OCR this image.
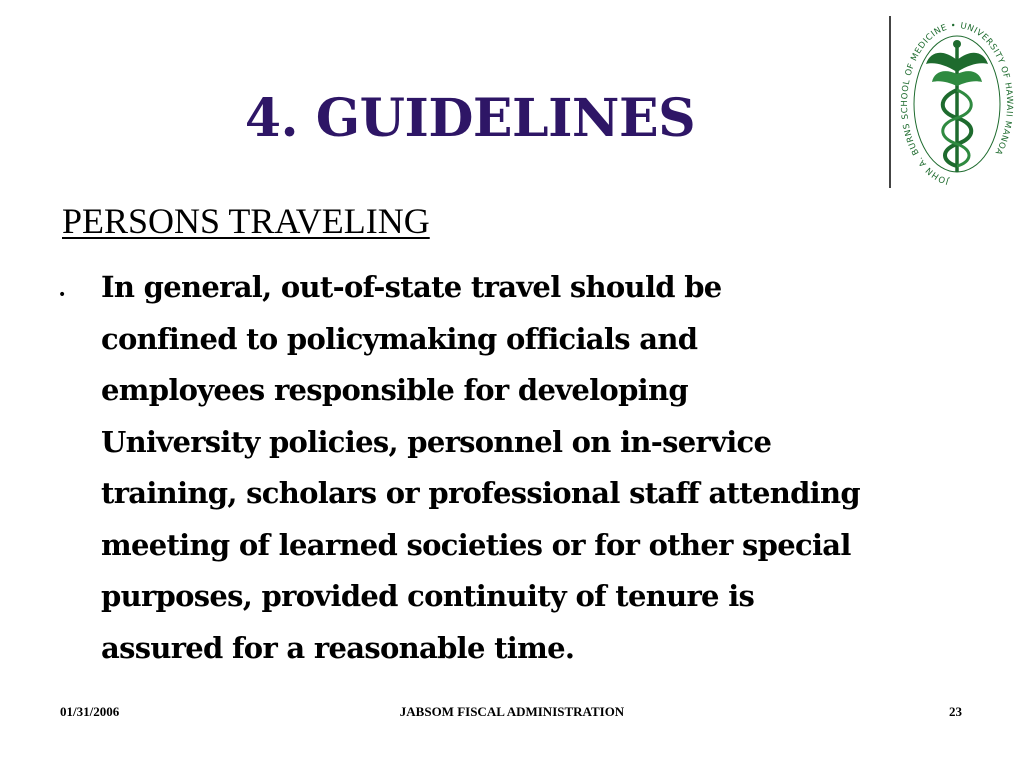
4. GUIDELINES
JOHN A. BURNS SCHOOL OF MEDICINE • UNIVERSITY OF HAWAII MANOA
PERSONS TRAVELING
• In general, out-of-state travel should be
confined to policymaking officials and
employees responsible for developing
University policies, personnel on in-service
training, scholars or professional staff attending
meeting of learned societies or for other special
purposes, provided continuity of tenure is
assured for a reasonable time.
01/31/2006	JABSOM FISCAL ADMINISTRATION	23
